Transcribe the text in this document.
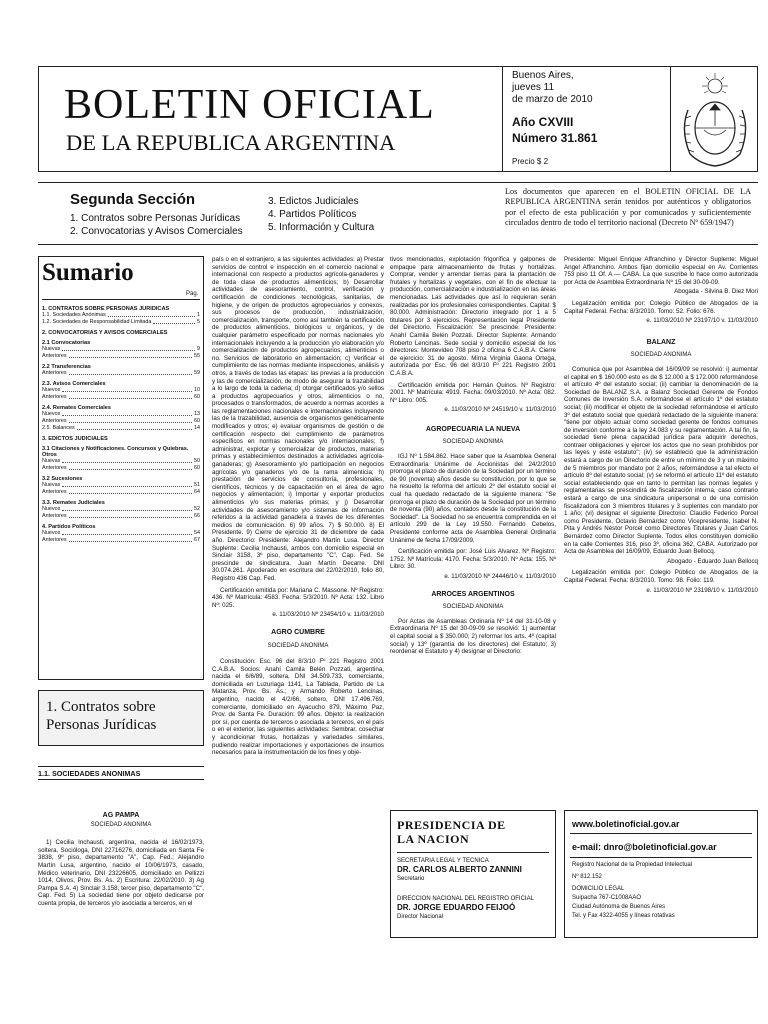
BOLETIN OFICIAL
DE LA REPUBLICA ARGENTINA
Buenos Aires,
jueves 11
de marzo de 2010
Año CXVIII
Número 31.861
Precio $ 2
Segunda Sección
1. Contratos sobre Personas Jurídicas
2. Convocatorias y Avisos Comerciales
3. Edictos Judiciales
4. Partidos Políticos
5. Información y Cultura
Los documentos que aparecen en el BOLETIN OFICIAL DE LA REPUBLICA ARGENTINA serán tenidos por auténticos y obligatorios por el efecto de esta publicación y por comunicados y suficientemente circulados dentro de todo el territorio nacional (Decreto Nº 659/1947)
Sumario
Pág.
1. CONTRATOS SOBRE PERSONAS JURIDICAS
1.1. Sociedades Anónimas	1
1.2. Sociedades de Responsabilidad Limitada	5
2. CONVOCATORIAS Y AVISOS COMERCIALES
2.1 Convocatorias
Nuevas	9
Anteriores	55
2.2 Transferencias
Anteriores	59
2.3. Avisos Comerciales
Nuevos	10
Anteriores	60
2.4. Remates Comerciales
Nuevos	13
Anteriores	60
2.5. Balances	14
3. EDICTOS JUDICIALES
3.1 Citaciones y Notificaciones. Concursos y Quiebras. Otros
Nuevas	50
Anteriores	60
3.2 Sucesiones
Nuevas	51
Anteriores	64
3.3. Remates Judiciales
Nuevos	52
Anteriores	66
4. Partidos Políticos
Nuevos	54
Anteriores	67
1. Contratos sobre
Personas Jurídicas
1.1. SOCIEDADES ANONIMAS
AG PAMPA
SOCIEDAD ANONIMA

1) Cecilia Inchausti, argentina, nacida el 16/02/1973, soltera, Socióloga, DNI 22716276, domiciliada en Santa Fe 3838, 9º piso, departamento "A", Cap. Fed.; Alejandro Martín Lusa, argentino, nacido el 10/06/1973, casado, Médico veterinario, DNI 23226605, domiciliado en Pellizzi 1014, Olivos, Prov. Bs. As. 2) Escritura: 22/02/2010. 3) Ag Pampa S.A. 4) Sinclair 3.158, tercer piso, departamento "C", Cap. Fed. 5) La sociedad tiene por objeto dedicarse por cuenta propia, de terceros y/o asociada a terceros, en el

país o en el extranjero, a las siguientes actividades: a) Prestar servicios de control e inspección en el comercio nacional e internacional con respecto a productos agrícola-ganaderos y de toda clase de productos alimenticios; b) Desarrollar actividades de asesoramiento, control, verificación y certificación de condiciones tecnológicas, sanitarias, de higiene, y de origen de productos agropecuarios y conexos, sus procesos de producción, industrialización, comercialización, transporte, como así también la certificación de productos alimenticios, biológicos u orgánicos, y de cualquier parámetro especificado por normas nacionales y/o internacionales incluyendo a la producción y/o elaboración y/o comercialización de productos agropecuarios, alimenticios o no. Servicios de laboratorio en alimentación; c) Verificar el cumplimiento de las normas mediante inspecciones, análisis y otros, a través de todas las etapas: las previas a la producción y las de comercialización, de modo de asegurar la trazabilidad a lo largo de toda la cadena; d) otorgar certificados y/o sellos a productos agropecuarios y otros, alimenticios o no, procesados o transformados, de acuerdo a normas acordes a las reglamentaciones nacionales e internacionales incluyendo las de la trazabilidad, ausencia de organismos genéticamente modificados y otros; e) evaluar organismos de gestión o de certificación respecto del cumplimiento de parámetros específicos en normas nacionales y/o internacionales; f) administrar, explotar y comercializar de productos, materias primas y establecimientos destinados a actividades agrícola-ganaderas; g) Asesoramiento y/o participación en negocios agrícolas y/o ganaderos y/o de la rama alimenticia; h) prestación de servicios de consultoría, profesionales, científicos, técnicos y de capacitación en el área de agro negocios y alimentación; i) Importar y exportar productos alimenticios y/o sus materias primas; y j) Desarrollar actividades de asesoramiento y/o sistemas de información referidos a la actividad ganadera a través de los diferentes medios de comunicación. 6) 99 años. 7) $ 50.000. 8) El Presidente. 9) Cierre de ejercicio 31 de diciembre de cada año. Directorio: Presidente: Alejandro Martín Lusa. Director Suplente: Cecilia Inchausti, ambos con domicilio especial en Sinclair 3158, 3º piso, departamento "C", Cap. Fed. Se prescinde de sindicatura. Juan Martín Decarre. DNI 30.074.261. Apoderado en escritura del 22/02/2010, folio 80, Registro 436 Cap. Fed.

Certificación emitida por: Mariana C. Massone. Nº Registro: 436. Nº Matrícula: 4583. Fecha: 5/3/2010. Nº Acta: 132. Libro Nº: 025.

e. 11/03/2010 Nº 23454/10 v. 11/03/2010

AGRO CUMBRE
SOCIEDAD ANONIMA

Constitución: Esc. 96 del 8/3/10 Fº 221 Registro 2001 C.A.B.A. Socios: Anahí Camila Belén Pozzati, argentina, nacida el 6/6/89, soltera, DNI 34.509.733, comerciante, domiciliada en Luzuriaga 1141, La Tablada, Partido de La Matanza, Prov. Bs. As.; y Armando Roberto Lencinas, argentino, nacido el 4/2/66, soltero, DNI 17.496.769, comerciante, domiciliado en Ayacucho 879, Máximo Paz, Prov. de Santa Fe. Duración: 99 años. Objeto: la realización por sí, por cuenta de terceros o asociada a terceros, en el país o en el exterior, las siguientes actividades: Sembrar, cosechar y acondicionar frutas, hortalizas y variedades similares, pudiendo realizar importaciones y exportaciones de insumos necesarios para la instrumentación de los fines y obje-

tivos mencionados, explotación frigorífica y galpones de empaque para almacenamiento de frutas y hortalizas. Comprar, vender y arrendar tierras para la plantación de frutales y hortalizas y vegetales, con el fin de efectuar la producción, comercialización e industrialización en las áreas mencionadas. Las actividades que así lo requieran serán realizadas por los profesionales correspondientes. Capital: $ 80.000. Administración: Directorio integrado por 1 a 5 titulares por 3 ejercicios. Representación legal Presidente del Directorio. Fiscalización: Se prescinde. Presidente: Anahí Camila Belén Pozzati. Director Suplente: Armando Roberto Lencinas. Sede social y domicilio especial de los directores: Montevideo 708 piso 2 oficina 6 C.A.B.A. Cierre de ejercicio: 31 de agosto. Mirna Virginia Gaona Ortega, autorizada por Esc. 96 del 8/3/10 Fº 221 Registro 2001 C.A.B.A.

Certificación emitida por: Hernán Quinos. Nº Registro: 2001. Nº Matrícula: 4919. Fecha: 09/03/2010. Nº Acta: 082. Nº Libro: 005.

e. 11/03/2010 Nº 24519/10 v. 11/03/2010

AGROPECUARIA LA NUEVA
SOCIEDAD ANONIMA

IGJ Nº 1.584.862. Hace saber que la Asamblea General Extraordinaria Unánime de Accionistas del 24/2/2010 prorroga el plazo de duración de la Sociedad por un término de 90 (noventa) años desde su constitución, por lo que se ha resuelto la reforma del artículo 2º del estatuto social el cual ha quedado redactado de la siguiente manera: "Se prorroga el plazo de duración de la Sociedad por un término de noventa (90) años, contados desde la constitución de la Sociedad". La Sociedad no se encuentra comprendida en el artículo 299 de la Ley 19.550. Fernando Cebelos, Presidente conforme acta de Asamblea General Ordinaria Unánime de fecha 17/09/2009.

Certificación emitida por: José Luis Alvarez. Nº Registro: 1752. Nº Matrícula: 4170. Fecha: 5/3/2010. Nº Acta: 155. Nº Libro: 30.

e. 11/03/2010 Nº 24446/10 v. 11/03/2010

ARROCES ARGENTINOS
SOCIEDAD ANONIMA

Por Actas de Asambleas Ordinaria Nº 14 del 31-10-08 y Extraordinaria Nº 15 del 30-09-09 se resolvió: 1) aumentar el capital social a $ 350.000; 2) reformar los arts. 4º (capital social) y 13º (garantía de los directores) del Estatuto; 3) reordenar el Estatuto y 4) designar el Directorio:

Presidente: Miguel Enrique Affranchino y Director Suplente: Miguel Angel Affranchino. Ambos fijan domicilio especial en Av. Corrientes 753 piso 11 Of. A — CABA. La que suscribe lo hace como autorizada por Acta de Asamblea Extraordinaria Nº 15 del 30-09-09.

Abogada - Silvina B. Diez Mori

Legalización emitida por: Colegio Público de Abogados de la Capital Federal. Fecha: 8/3/2010. Tomo: 52. Folio: 676.

e. 11/03/2010 Nº 23197/10 v. 11/03/2010

BALANZ
SOCIEDAD ANONIMA

Comunica que por Asamblea del 16/09/09 se resolvió: i) aumentar el capital en $ 160.000 esto es de $ 12.000 a $ 172.000 reformándose el artículo 4º del estatuto social; (ii) cambiar la denominación de la Sociedad de BALANZ S.A. a Balanz Sociedad Gerente de Fondos Comunes de Inversión S.A. reformándose el artículo 1º del estatuto social; (iii) modificar el objeto de la sociedad reformándose el artículo 3º del estatuto social que quedará redactado de la siguiente manera: "tiene por objeto actuar como sociedad gerente de fondos comunes de inversión conforme a la ley 24.083 y su reglamentación. A tal fin, la sociedad tiene plena capacidad jurídica para adquirir derechos, contraer obligaciones y ejercer los actos que no sean prohibidos por las leyes y este estatuto"; (iv) se estableció que la administración estará a cargo de un Directorio de entre un mínimo de 3 y un máximo de 5 miembros por mandato por 2 años, reformándose a tal efecto el artículo 8º del estatuto social; (v) se reformó el artículo 11º del estatuto social estableciendo que en tanto lo permitan las normas legales y reglamentarias se prescindirá de fiscalización interna, caso contrario estará a cargo de una sindicatura unipersonal o de una comisión fiscalizadora con 3 miembros titulares y 3 suplentes con mandato por 1 año; (vi) designar el siguiente Directorio: Claudio Federico Porcel como Presidente, Octavio Bernárdez como Vicepresidente, Isabel N. Pita y Andrés Néstor Porcel como Directores Titulares y Juan Carlos Bernárdez como Director Suplente. Todos ellos constituyen domicilio en la calle Corrientes 316, piso 3º, oficina 362, CABA. Autorizado por Acta de Asamblea del 16/09/09, Eduardo Juan Bellocq.

Abogado - Eduardo Juan Bellocq

Legalización emitida por: Colegio Público de Abogados de la Capital Federal. Fecha: 8/3/2010. Tomo: 98. Folio: 119.

e. 11/03/2010 Nº 23198/10 v. 11/03/2010

PRESIDENCIA DE
LA NACION
SECRETARIA LEGAL Y TECNICA
DR. CARLOS ALBERTO ZANNINI
Secretario
DIRECCION NACIONAL DEL REGISTRO OFICIAL
DR. JORGE EDUARDO FEIJOÓ
Director Nacional
www.boletinoficial.gov.ar
e-mail: dnro@boletinoficial.gov.ar
Registro Nacional de la Propiedad Intelectual
Nº 812.152
DOMICILIO LEGAL
Suipacha 767-C1008AAO
Ciudad Autónoma de Buenos Aires
Tel. y Fax 4322-4055 y líneas rotativas
